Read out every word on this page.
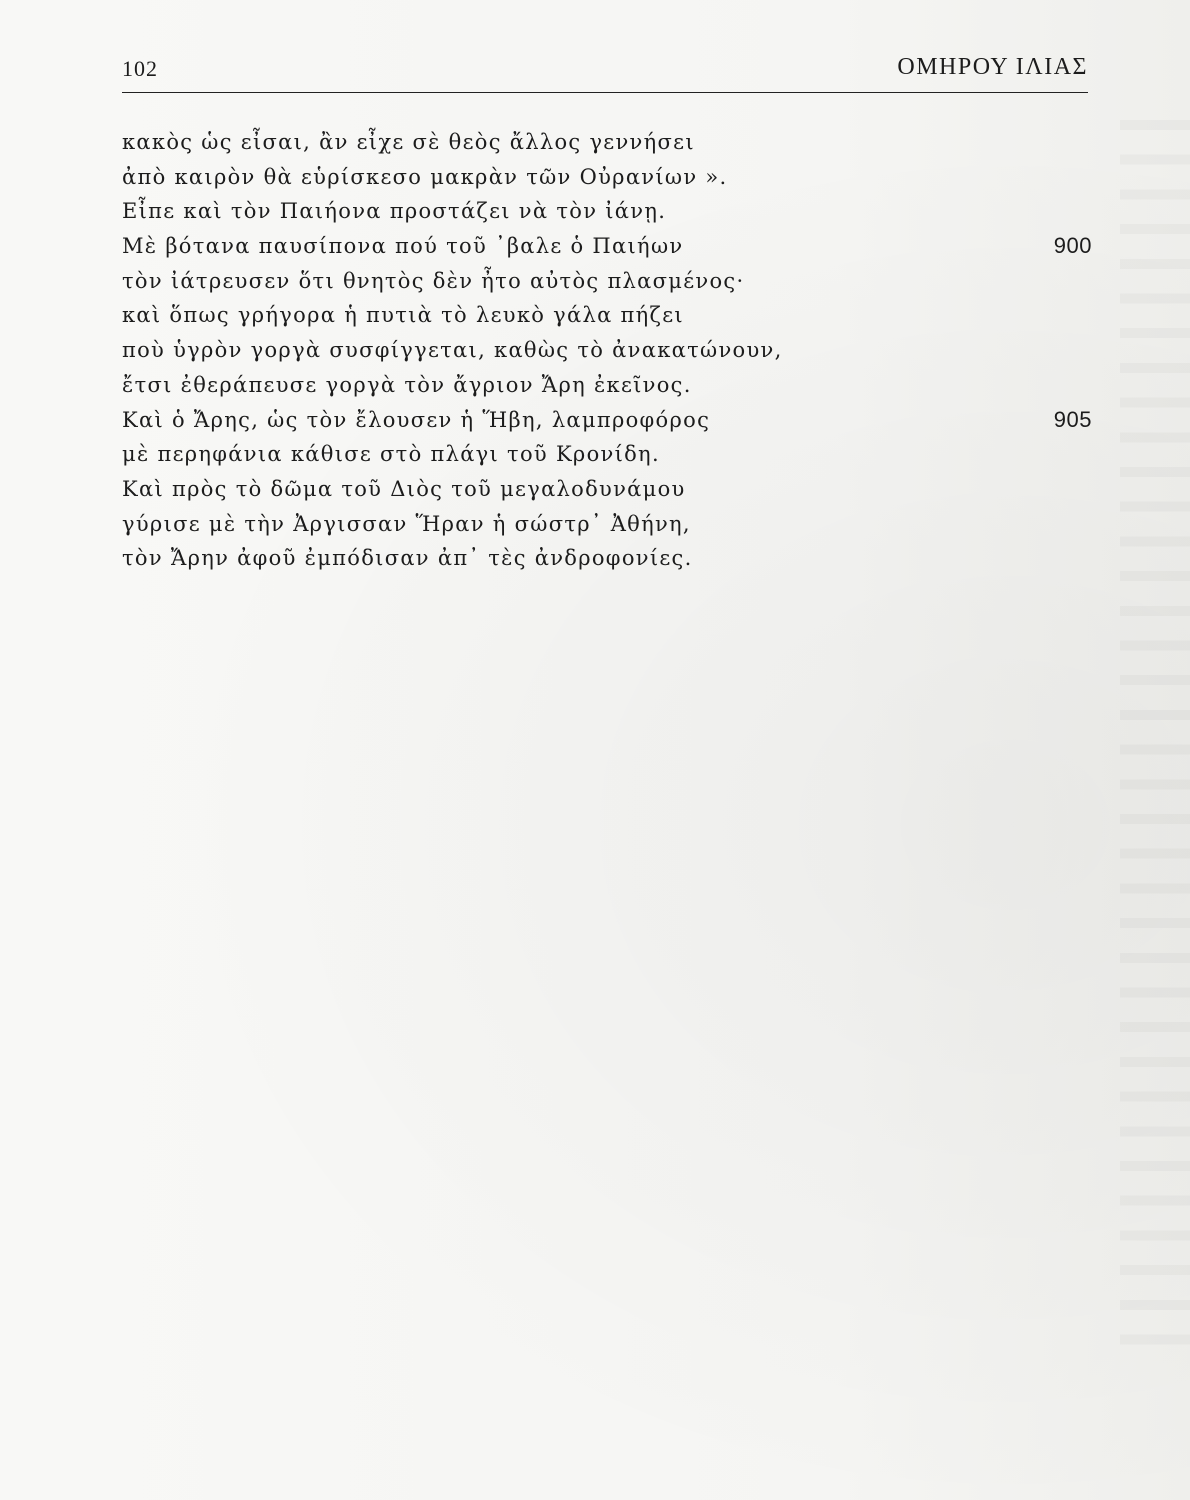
102	ΟΜΗΡΟΥ ΙΛΙΑΣ
κακὸς ὡς εἶσαι, ἂν εἶχε σὲ θεὸς ἄλλος γεννήσει
ἀπὸ καιρὸν θὰ εὑρίσκεσο μακρὰν τῶν Οὐρανίων ».
Εἶπε καὶ τὸν Παιήονα προστάζει νὰ τὸν ἰάνῃ.
Μὲ βότανα παυσίπονα πού τοῦ ᾿βαλε ὁ Παιήων	900
τὸν ἰάτρευσεν ὅτι θνητὸς δὲν ἦτο αὐτὸς πλασμένος·
καὶ ὅπως γρήγορα ἡ πυτιὰ τὸ λευκὸ γάλα πήζει
ποὺ ὑγρὸν γοργὰ συσφίγγεται, καθὼς τὸ ἀνακατώνουν,
ἔτσι ἐθεράπευσε γοργὰ τὸν ἄγριον Ἄρη ἐκεῖνος.
Καὶ ὁ Ἄρης, ὡς τὸν ἔλουσεν ἡ Ἥβη, λαμπροφόρος	905
μὲ περηφάνια κάθισε στὸ πλάγι τοῦ Κρονίδη.
Καὶ πρὸς τὸ δῶμα τοῦ Διὸς τοῦ μεγαλοδυνάμου
γύρισε μὲ τὴν Ἀργισσαν Ἥραν ἡ σώστρ᾿ Ἀθήνη,
τὸν Ἄρην ἀφοῦ ἐμπόδισαν ἀπ᾿ τὲς ἀνδροφονίες.
